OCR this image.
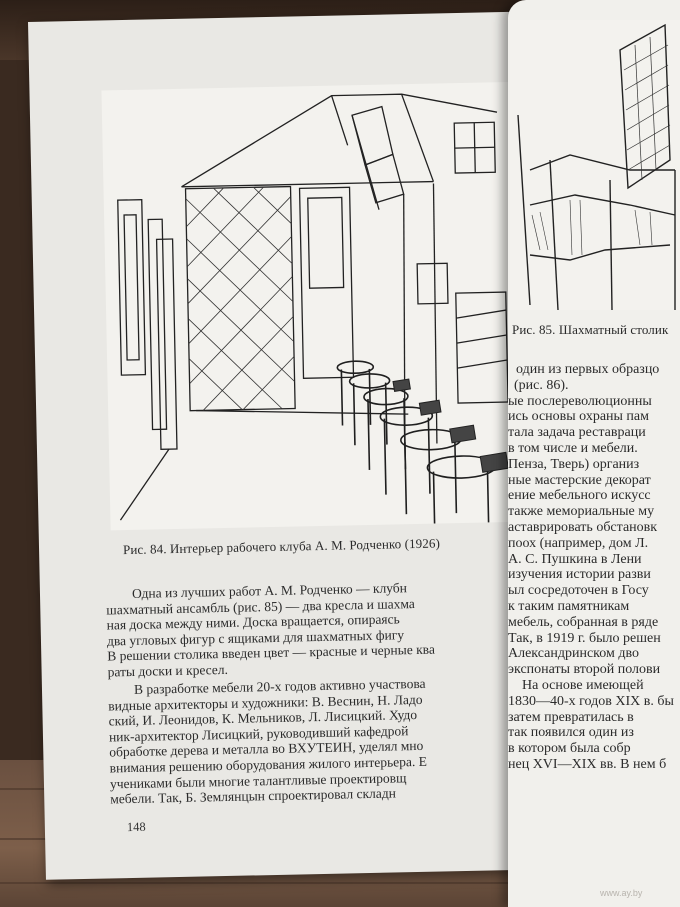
Рис. 84. Интерьер рабочего клуба А. М. Родченко (1926)

Одна из лучших работ А. М. Родченко — клубн

шахматный ансамбль (рис. 85) — два кресла и шахма

ная доска между ними. Доска вращается, опираясь

два угловых фигур с ящиками для шахматных фигу

В решении столика введен цвет — красные и черные ква

раты доски и кресел.

В разработке мебели 20-х годов активно участвова

видные архитекторы и художники: В. Веснин, Н. Ладо

ский, И. Леонидов, К. Мельников, Л. Лисицкий. Худо

ник-архитектор Лисицкий, руководивший кафедрой

обработке дерева и металла во ВХУТЕИН, уделял мно

внимания решению оборудования жилого интерьера. Е

учениками были многие талантливые проектировщ

мебели. Так, Б. Землянцын спроектировал складн

148
Рис. 85. Шахматный столик

один из первых образцо

(рис. 86).

ые послереволюционны

ись основы охраны пам

тала задача реставраци

в том числе и мебели.

Пенза, Тверь) организ

ные мастерские декорат

ение мебельного искусс

также мемориальные му

аставрировать обстановк

поох (например, дом Л.

А. С. Пушкина в Лени

изучения истории разви

ыл сосредоточен в Госу

к таким памятникам

мебель, собранная в ряде

Так, в 1919 г. было решен

Александринском дво

экспонаты второй полови

На основе имеющей

1830—40-х годов XIX в. бы

затем превратилась в

так появился один из

в котором была собр

нец XVI—XIX вв. В нем б

www.ay.by
